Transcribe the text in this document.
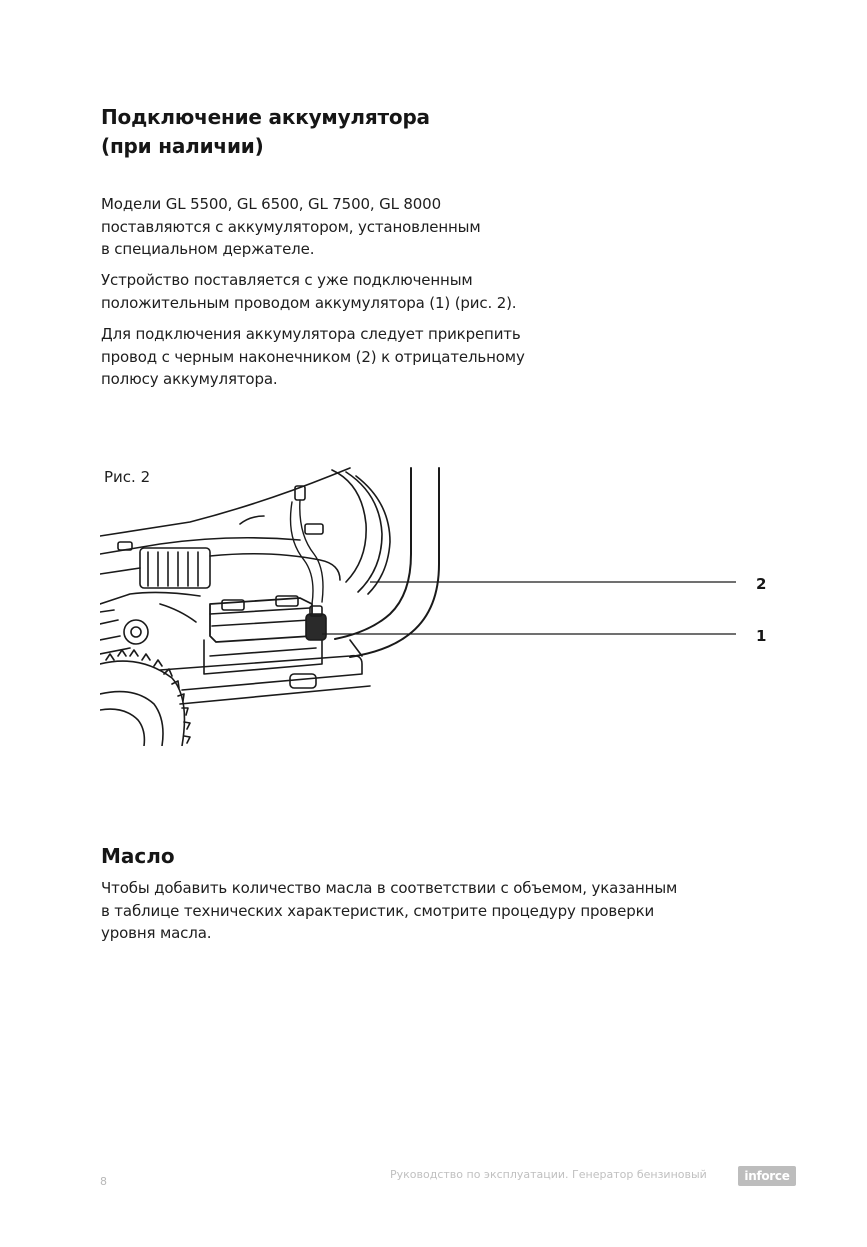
Подключение аккумулятора
(при наличии)
Модели GL 5500, GL 6500, GL 7500, GL 8000
поставляются с аккумулятором, установленным
в специальном держателе.
Устройство поставляется с уже подключенным
положительным проводом аккумулятора (1) (рис. 2).
Для подключения аккумулятора следует прикрепить
провод с черным наконечником (2) к отрицательному
полюсу аккумулятора.
Рис. 2
2
1
Масло
Чтобы добавить количество масла в соответствии с объемом, указанным
в таблице технических характеристик, смотрите процедуру проверки
уровня масла.
8
Руководство по эксплуатации. Генератор бензиновый	inforce
